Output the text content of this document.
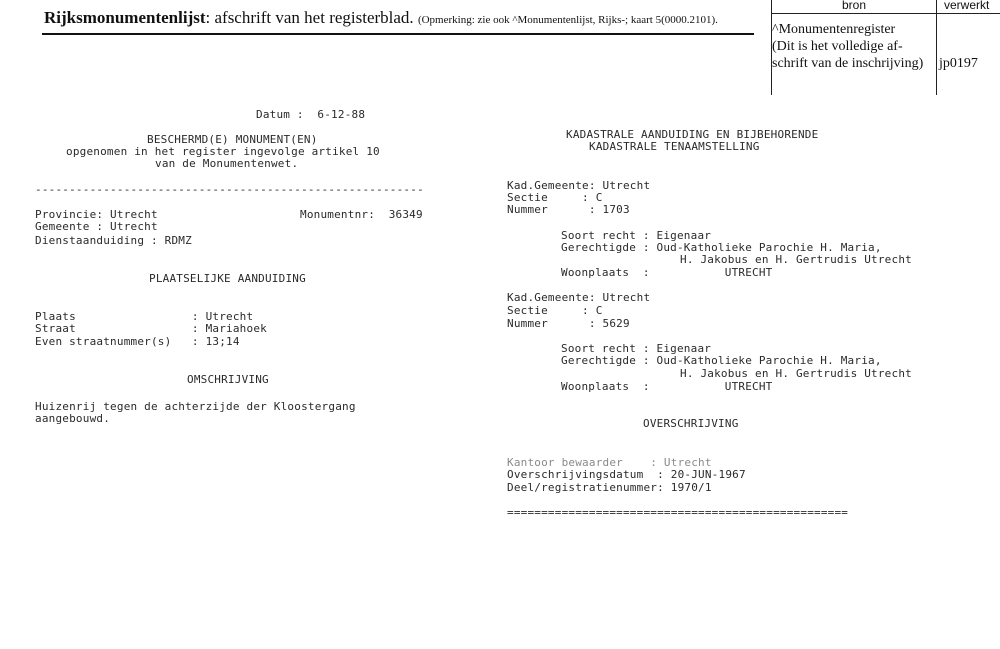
Rijksmonumentenlijst: afschrift van het registerblad. (Opmerking: zie ook ^Monumentenlijst, Rijks-; kaart 5(0000.2101).
bron	verwerkt
^Monumentenregister
(Dit is het volledige af-
schrift van de inschrijving) jp0197
Datum :  6-12-88
BESCHERMD(E) MONUMENT(EN)
opgenomen in het register ingevolge artikel 10
van de Monumentenwet.
---------------------------------------------------------
Provincie: Utrecht	Monumentnr:  36349
Gemeente : Utrecht
Dienstaanduiding : RDMZ
PLAATSELIJKE AANDUIDING
Plaats                 : Utrecht
Straat                 : Mariahoek
Even straatnummer(s)   : 13;14
OMSCHRIJVING
Huizenrij tegen de achterzijde der Kloostergang
aangebouwd.
KADASTRALE AANDUIDING EN BIJBEHORENDE
KADASTRALE TENAAMSTELLING
Kad.Gemeente: Utrecht
Sectie     : C
Nummer      : 1703
Soort recht : Eigenaar
Gerechtigde : Oud-Katholieke Parochie H. Maria,
H. Jakobus en H. Gertrudis Utrecht
Woonplaats  :           UTRECHT
Kad.Gemeente: Utrecht
Sectie     : C
Nummer      : 5629
Soort recht : Eigenaar
Gerechtigde : Oud-Katholieke Parochie H. Maria,
H. Jakobus en H. Gertrudis Utrecht
Woonplaats  :           UTRECHT
OVERSCHRIJVING
Kantoor bewaarder    : Utrecht
Overschrijvingsdatum  : 20-JUN-1967
Deel/registratienummer: 1970/1
==================================================
